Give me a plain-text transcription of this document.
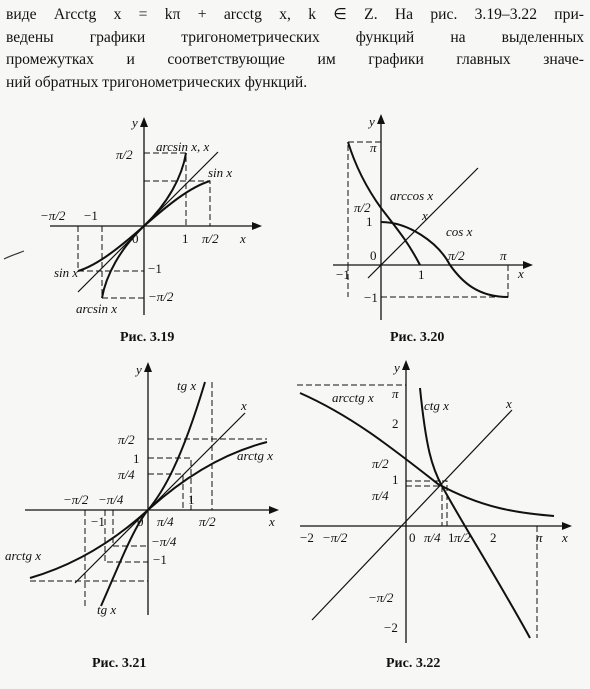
виде Arcctg x = kπ + arcctg x, k ∈ Z. На рис. 3.19–3.22 при-
ведены графики тригонометрических функций на выделенных
промежутках и соответствующие им графики главных значе-
ний обратных тригонометрических функций.
y
x
π/2
arcsin x, x
sin x
−π/2 −1
0	1 π/2
sin x	−1
−π/2
arcsin x
Рис. 3.19
y
x
π
π/2
arccos x
x
1
cos x
π/2	π
−1
0
1
−1
Рис. 3.20
y
x
tg x
x
π/2
1
π/4
arctg x
−π/2 −π/4	1
−1 0 π/4 π/2
−π/4
−1
arctg x
tg x
Рис. 3.21
y
x
arcctg x π
ctg x	x
2
π/2
1
π/4
−2 −π/2	0 π/4 1 π/2 2	π
−π/2
−2
Рис. 3.22
